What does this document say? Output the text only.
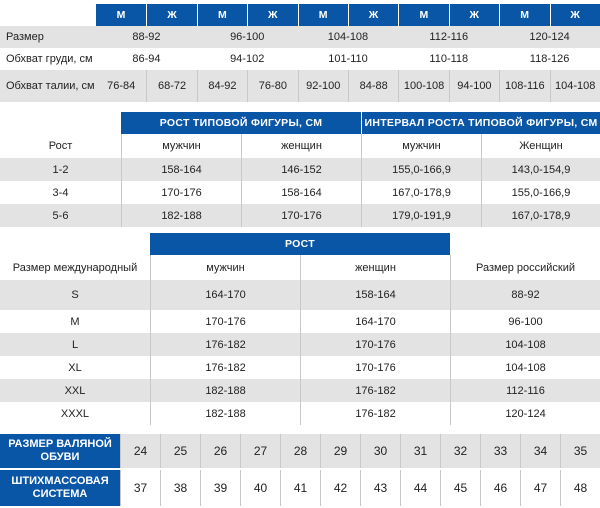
М	Ж	М	Ж	М	Ж	М	Ж	М	Ж
Размер	88-92	96-100	104-108	112-116	120-124
Обхват груди, см	86-94	94-102	101-110	110-118	118-126
Обхват талии, см	76-84	68-72	84-92	76-80	92-100	84-88	100-108	94-100	108-116 104-108
РОСТ ТИПОВОЙ ФИГУРЫ, СМ	ИНТЕРВАЛ РОСТА ТИПОВОЙ ФИГУРЫ, СМ
Рост	мужчин	женщин	мужчин	Женщин
1-2	158-164	146-152	155,0-166,9	143,0-154,9
3-4	170-176	158-164	167,0-178,9	155,0-166,9
5-6	182-188	170-176	179,0-191,9	167,0-178,9
РОСТ
Размер международный	мужчин	женщин	Размер российский
S	164-170	158-164	88-92
M	170-176	164-170	96-100
L	176-182	170-176	104-108
XL	176-182	170-176	104-108
XXL	182-188	176-182	112-116
XXXL	182-188	176-182	120-124
РАЗМЕР ВАЛЯНОЙ ОБУВИ	24	25	26	27	28	29	30	31	32	33	34	35
ШТИХМАССОВАЯ СИСТЕМА	37	38	39	40	41	42	43	44	45	46	47	48
